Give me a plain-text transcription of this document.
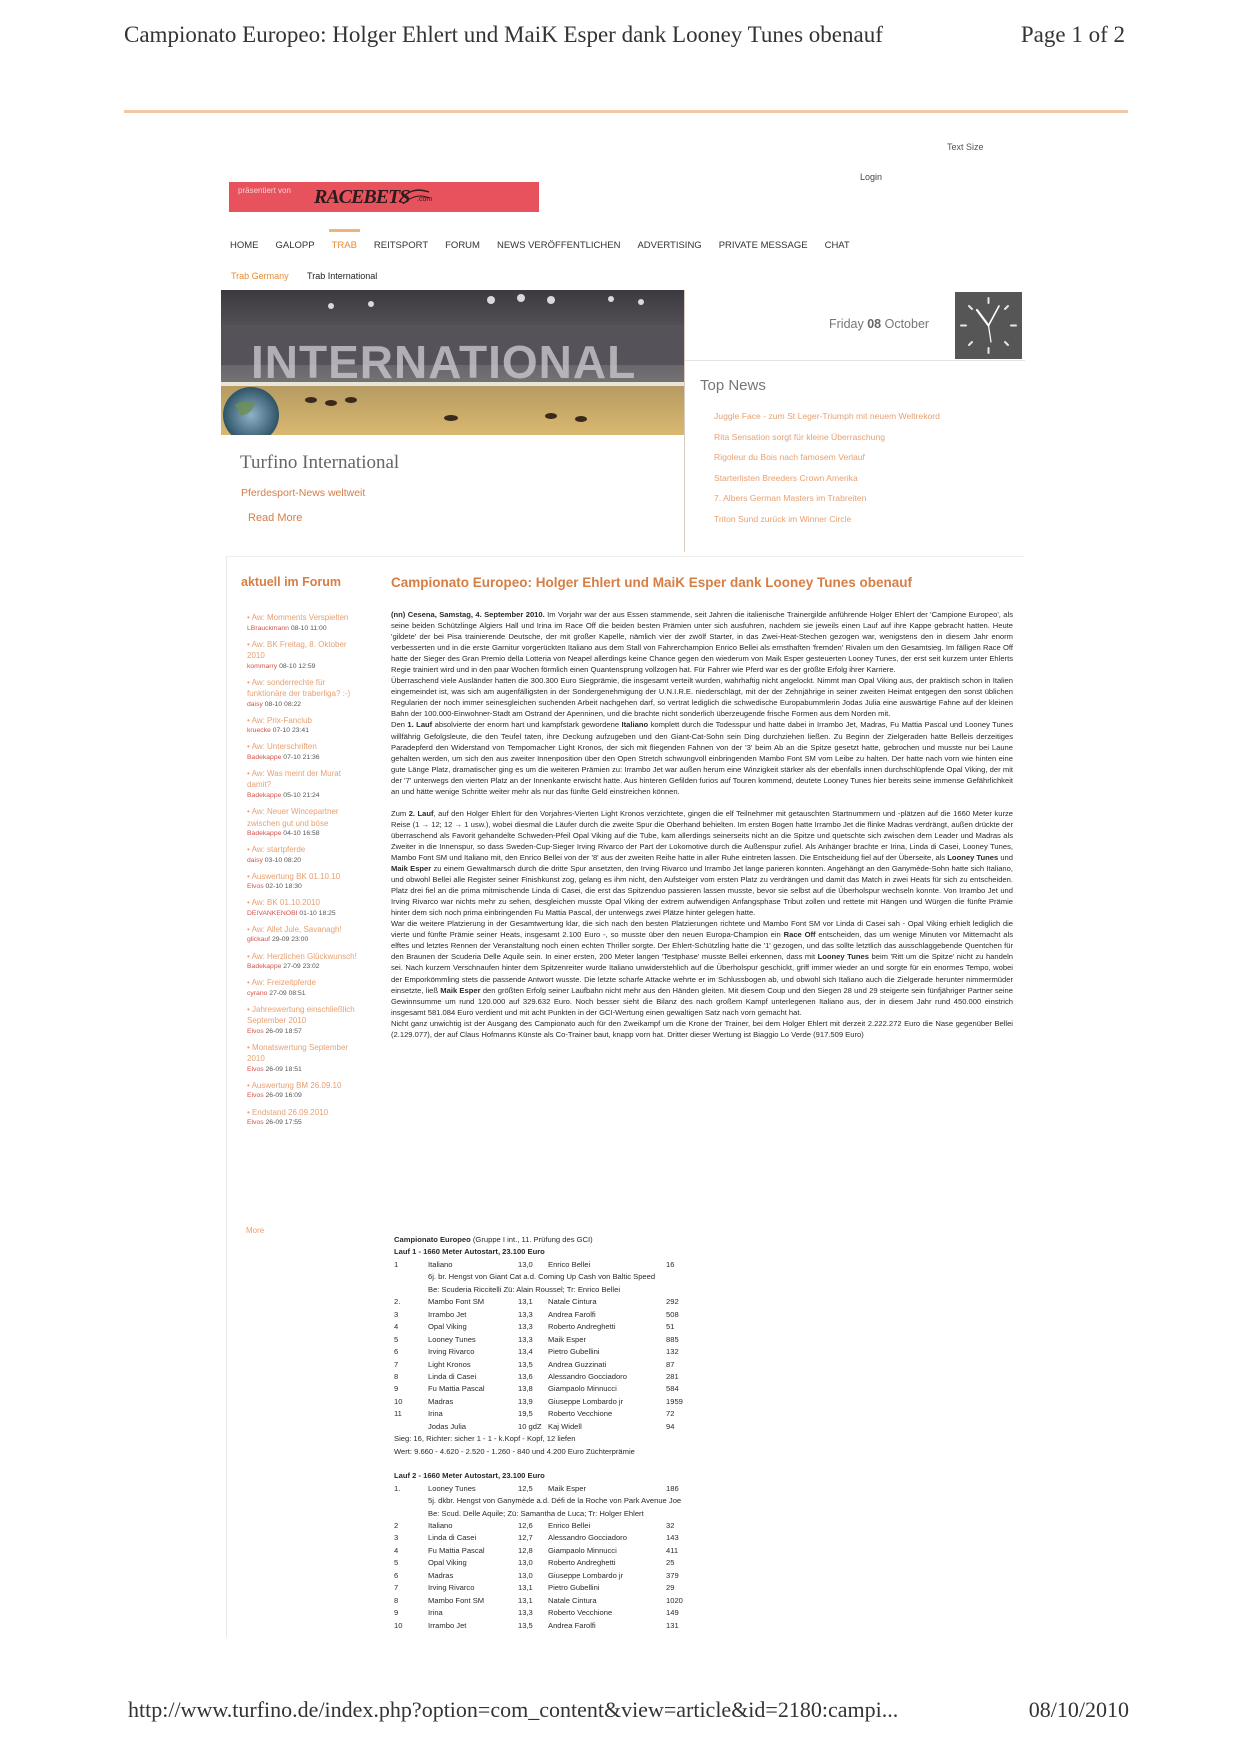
Campionato Europeo: Holger Ehlert und MaiK Esper dank Looney Tunes obenauf	Page 1 of 2
Text Size
Login
präsentiert von RACEBETS .com
HOME GALOPP TRAB REITSPORT FORUM NEWS VERÖFFENTLICHEN ADVERTISING PRIVATE MESSAGE CHAT
Trab Germany Trab International
INTERNATIONAL
Friday 08 October
Top News
Juggle Face - zum St Leger-Triumph mit neuem Weltrekord
Rita Sensation sorgt für kleine Überraschung
Rigoleur du Bois nach famosem Verlauf
Starterlisten Breeders Crown Amerika
7. Albers German Masters im Trabreiten
Triton Sund zurück im Winner Circle
Turfino International
Pferdesport-News weltweit
Read More
aktuell im Forum
• Aw: Momments Verspielten
LBrauckmann 08-10 11:00
• Aw: BK Freitag, 8. Oktober 2010
kommarry 08-10 12:59
• Aw: sonderrechte für funktionäre der traberliga? :-)
daisy 08-10 08:22
• Aw: Prix-Fanclub
kruecke 07-10 23:41
• Aw: Unterschriften
Badekappe 07-10 21:36
• Aw: Was meint der Murat damit?
Badekappe 05-10 21:24
• Aw: Neuer Wincepartner zwischen gut und böse
Badekappe 04-10 16:58
• Aw: startpferde
daisy 03-10 08:20
• Auswertung BK 01.10.10
Elvos 02-10 18:30
• Aw: BK 01.10.2010
DEIVANKENOBI 01-10 18:25
• Aw: Allet Jule, Savanagh!
glickauf 29-09 23:00
• Aw: Herzlichen Glückwunsch!
Badekappe 27-09 23:02
• Aw: Freizeitpferde
cyrano 27-09 08:51
• Jahreswertung einschließlich September 2010
Elvos 26-09 18:57
• Monatswertung September 2010
Elvos 26-09 18:51
• Auswertung BM 26.09.10
Elvos 26-09 16:09
• Endstand 26.09.2010
Elvos 26-09 17:55
More
Campionato Europeo: Holger Ehlert und MaiK Esper dank Looney Tunes obenauf

(nn) Cesena, Samstag, 4. September 2010. Im Vorjahr war der aus Essen stammende, seit Jahren die italienische Trainergilde anführende Holger Ehlert der 'Campione Europeo', als seine beiden Schützlinge Algiers Hall und Irina im Race Off die beiden besten Prämien unter sich ausfuhren, nachdem sie jeweils einen Lauf auf ihre Kappe gebracht hatten. Heute 'gildete' der bei Pisa trainierende Deutsche, der mit großer Kapelle, nämlich vier der zwölf Starter, in das Zwei-Heat-Stechen gezogen war, wenigstens den in diesem Jahr enorm verbesserten und in die erste Garnitur vorgerückten Italiano aus dem Stall von Fahrerchampion Enrico Bellei als ernsthaften 'fremden' Rivalen um den Gesamtsieg. Im fälligen Race Off hatte der Sieger des Gran Premio della Lotteria von Neapel allerdings keine Chance gegen den wiederum von Maik Esper gesteuerten Looney Tunes, der erst seit kurzem unter Ehlerts Regie trainiert wird und in den paar Wochen förmlich einen Quantensprung vollzogen hat. Für Fahrer wie Pferd war es der größte Erfolg ihrer Karriere.
Überraschend viele Ausländer hatten die 300.300 Euro Siegprämie, die insgesamt verteilt wurden, wahrhaftig nicht angelockt. Nimmt man Opal Viking aus, der praktisch schon in Italien eingemeindet ist, was sich am augenfälligsten in der Sondergenehmigung der U.N.I.R.E. niederschlägt, mit der der Zehnjährige in seiner zweiten Heimat entgegen den sonst üblichen Regularien der noch immer seinesgleichen suchenden Arbeit nachgehen darf, so vertrat lediglich die schwedische Europabummlerin Jodas Julia eine auswärtige Fahne auf der kleinen Bahn der 100.000-Einwohner-Stadt am Ostrand der Apenninen, und die brachte nicht sonderlich überzeugende frische Formen aus dem Norden mit.
Den 1. Lauf absolvierte der enorm hart und kampfstark gewordene Italiano komplett durch die Todesspur und hatte dabei in Irrambo Jet, Madras, Fu Mattia Pascal und Looney Tunes willfährig Gefolgsleute, die den Teufel taten, ihre Deckung aufzugeben und den Giant-Cat-Sohn sein Ding durchziehen ließen. Zu Beginn der Zielgeraden hatte Belleis derzeitiges Paradepferd den Widerstand von Tempomacher Light Kronos, der sich mit fliegenden Fahnen von der '3' beim Ab an die Spitze gesetzt hatte, gebrochen und musste nur bei Laune gehalten werden, um sich den aus zweiter Innenposition über den Open Stretch schwungvoll einbringenden Mambo Font SM vom Leibe zu halten. Der hatte nach vorn wie hinten eine gute Länge Platz, dramatischer ging es um die weiteren Prämien zu: Irrambo Jet war außen herum eine Winzigkeit stärker als der ebenfalls innen durchschlüpfende Opal Viking, der mit der '7' unterwegs den vierten Platz an der Innenkante erwischt hatte. Aus hinteren Gefilden furios auf Touren kommend, deutete Looney Tunes hier bereits seine immense Gefährlichkeit an und hätte wenige Schritte weiter mehr als nur das fünfte Geld einstreichen können.

Zum 2. Lauf, auf den Holger Ehlert für den Vorjahres-Vierten Light Kronos verzichtete, gingen die elf Teilnehmer mit getauschten Startnummern und -plätzen auf die 1660 Meter kurze Reise (1 → 12; 12 → 1 usw.), wobei diesmal die Läufer durch die zweite Spur die Oberhand behielten. Im ersten Bogen hatte Irrambo Jet die flinke Madras verdrängt, außen drückte der überraschend als Favorit gehandelte Schweden-Pfeil Opal Viking auf die Tube, kam allerdings seinerseits nicht an die Spitze und quetschte sich zwischen dem Leader und Madras als Zweiter in die Innenspur, so dass Sweden-Cup-Sieger Irving Rivarco der Part der Lokomotive durch die Außenspur zufiel. Als Anhänger brachte er Irina, Linda di Casei, Looney Tunes, Mambo Font SM und Italiano mit, den Enrico Bellei von der '8' aus der zweiten Reihe hatte in aller Ruhe eintreten lassen. Die Entscheidung fiel auf der Überseite, als Looney Tunes und Maik Esper zu einem Gewaltmarsch durch die dritte Spur ansetzten, den Irving Rivarco und Irrambo Jet lange parieren konnten. Angehängt an den Ganymède-Sohn hatte sich Italiano, und obwohl Bellei alle Register seiner Finishkunst zog, gelang es ihm nicht, den Aufsteiger vom ersten Platz zu verdrängen und damit das Match in zwei Heats für sich zu entscheiden. Platz drei fiel an die prima mitmischende Linda di Casei, die erst das Spitzenduo passieren lassen musste, bevor sie selbst auf die Überholspur wechseln konnte. Von Irrambo Jet und Irving Rivarco war nichts mehr zu sehen, desgleichen musste Opal Viking der extrem aufwendigen Anfangsphase Tribut zollen und rettete mit Hängen und Würgen die fünfte Prämie hinter dem sich noch prima einbringenden Fu Mattia Pascal, der unterwegs zwei Plätze hinter gelegen hatte.
War die weitere Platzierung in der Gesamtwertung klar, die sich nach den besten Platzierungen richtete und Mambo Font SM vor Linda di Casei sah - Opal Viking erhielt lediglich die vierte und fünfte Prämie seiner Heats, insgesamt 2.100 Euro -, so musste über den neuen Europa-Champion ein Race Off entscheiden, das um wenige Minuten vor Mitternacht als elftes und letztes Rennen der Veranstaltung noch einen echten Thriller sorgte. Der Ehlert-Schützling hatte die '1' gezogen, und das sollte letztlich das ausschlaggebende Quentchen für den Braunen der Scuderia Delle Aquile sein. In einer ersten, 200 Meter langen 'Testphase' musste Bellei erkennen, dass mit Looney Tunes beim 'Ritt um die Spitze' nicht zu handeln sei. Nach kurzem Verschnaufen hinter dem Spitzenreiter wurde Italiano unwiderstehlich auf die Überholspur geschickt, griff immer wieder an und sorgte für ein enormes Tempo, wobei der Emporkömmling stets die passende Antwort wusste. Die letzte scharfe Attacke wehrte er im Schlussbogen ab, und obwohl sich Italiano auch die Zielgerade herunter nimmermüder einsetzte, ließ Maik Esper den größten Erfolg seiner Laufbahn nicht mehr aus den Händen gleiten. Mit diesem Coup und den Siegen 28 und 29 steigerte sein fünfjähriger Partner seine Gewinnsumme um rund 120.000 auf 329.632 Euro. Noch besser sieht die Bilanz des nach großem Kampf unterlegenen Italiano aus, der in diesem Jahr rund 450.000 einstrich insgesamt 581.084 Euro verdient und mit acht Punkten in der GCI-Wertung einen gewaltigen Satz nach vorn gemacht hat.
Nicht ganz unwichtig ist der Ausgang des Campionato auch für den Zweikampf um die Krone der Trainer, bei dem Holger Ehlert mit derzeit 2.222.272 Euro die Nase gegenüber Bellei (2.129.077), der auf Claus Hofmanns Künste als Co-Trainer baut, knapp vorn hat. Dritter dieser Wertung ist Biaggio Lo Verde (917.509 Euro)

Campionato Europeo (Gruppe I int., 11. Prüfung des GCI)
Lauf 1 - 1660 Meter Autostart, 23.100 Euro
1	Italiano	13,0 Enrico Bellei	16
6j. br. Hengst von Giant Cat a.d. Coming Up Cash von Baltic Speed
Be: Scuderia Riccitelli Zü: Alain Roussel; Tr: Enrico Bellei
2.	Mambo Font SM	13,1 Natale Cintura	292
3	Irrambo Jet	13,3 Andrea Farolfi	508
4	Opal Viking	13,3 Roberto Andreghetti	51
5	Looney Tunes	13,3 Maik Esper	885
6	Irving Rivarco	13,4 Pietro Gubellini	132
7	Light Kronos	13,5 Andrea Guzzinati	87
8	Linda di Casei	13,6 Alessandro Gocciadoro	281
9	Fu Mattia Pascal	13,8 Giampaolo Minnucci	584
10	Madras	13,9 Giuseppe Lombardo jr	1959
11	Irina	19,5 Roberto Vecchione	72
Jodas Julia	10 gdZ Kaj Widell	94
Sieg: 16, Richter: sicher 1 - 1 - k.Kopf - Kopf, 12 liefen
Wert: 9.660 - 4.620 - 2.520 - 1.260 - 840 und 4.200 Euro Züchterprämie
Lauf 2 - 1660 Meter Autostart, 23.100 Euro
1.	Looney Tunes	12,5 Maik Esper	186
5j. dkbr. Hengst von Ganymède a.d. Défi de la Roche von Park Avenue Joe
Be: Scud. Delle Aquile; Zü: Samantha de Luca; Tr: Holger Ehlert
2	Italiano	12,6 Enrico Bellei	32
3	Linda di Casei	12,7 Alessandro Gocciadoro	143
4	Fu Mattia Pascal	12,8 Giampaolo Minnucci	411
5	Opal Viking	13,0 Roberto Andreghetti	25
6	Madras	13,0 Giuseppe Lombardo jr	379
7	Irving Rivarco	13,1 Pietro Gubellini	29
8	Mambo Font SM	13,1 Natale Cintura	1020
9	Irina	13,3 Roberto Vecchione	149
10	Irrambo Jet	13,5 Andrea Farolfi	131
http://www.turfino.de/index.php?option=com_content&view=article&id=2180:campi...	08/10/2010
